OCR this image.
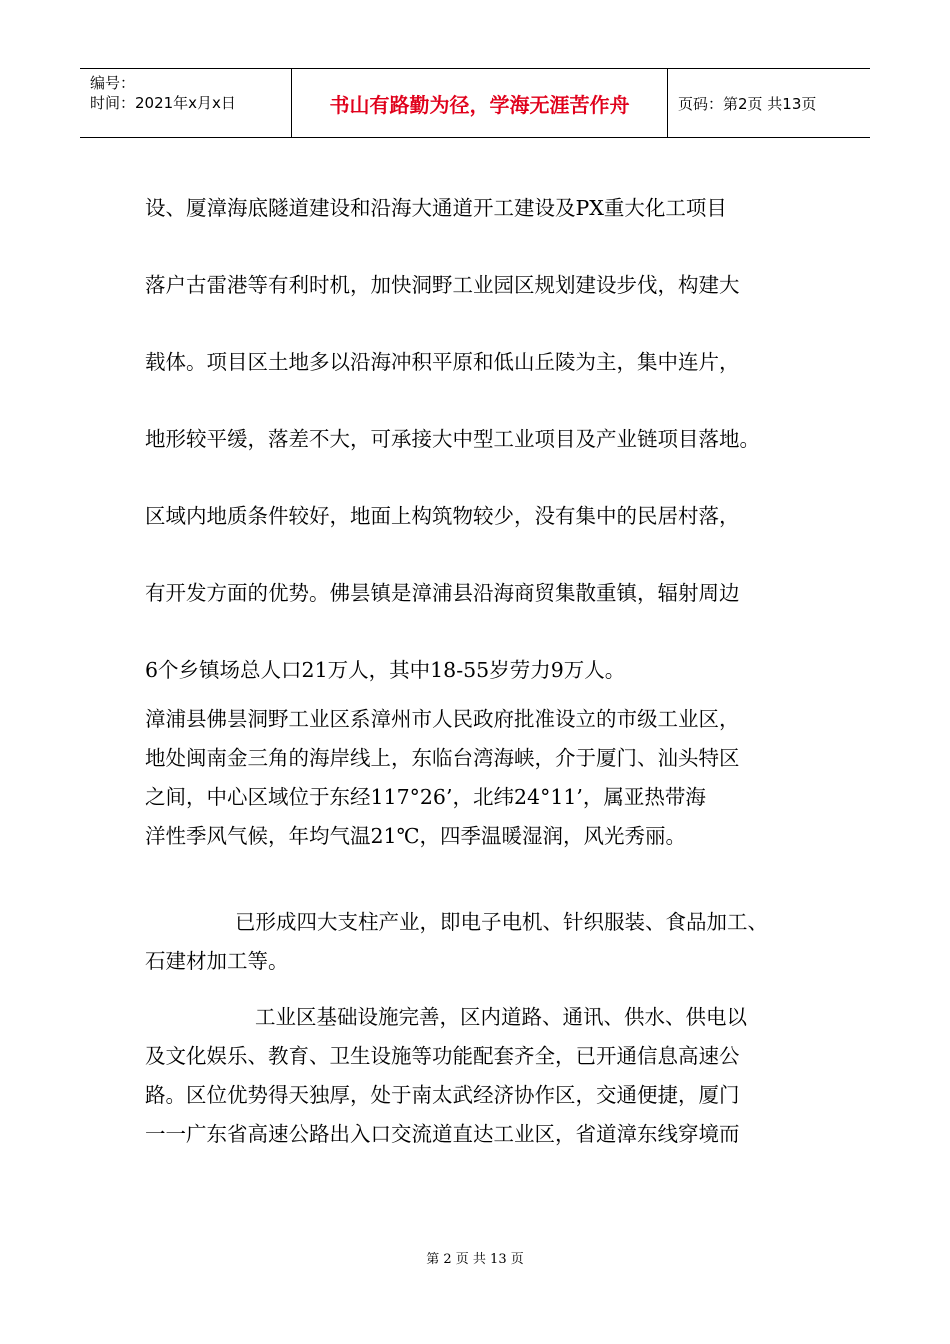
编号：
时间：2021年x月x日	书山有路勤为径，学海无涯苦作舟	页码：第2页 共13页
设、厦漳海底隧道建设和沿海大通道开工建设及PX重大化工项目
落户古雷港等有利时机，加快洞野工业园区规划建设步伐，构建大
载体。项目区土地多以沿海冲积平原和低山丘陵为主，集中连片，
地形较平缓，落差不大，可承接大中型工业项目及产业链项目落地。
区域内地质条件较好，地面上构筑物较少，没有集中的民居村落，
有开发方面的优势。佛昙镇是漳浦县沿海商贸集散重镇，辐射周边
6个乡镇场总人口21万人，其中18-55岁劳力9万人。
漳浦县佛昙洞野工业区系漳州市人民政府批准设立的市级工业区，
地处闽南金三角的海岸线上，东临台湾海峡，介于厦门、汕头特区
之间，中心区域位于东经117°26’，北纬24°11’，属亚热带海
洋性季风气候，年均气温21℃，四季温暖湿润，风光秀丽。
已形成四大支柱产业，即电子电机、针织服装、食品加工、
石建材加工等。
工业区基础设施完善，区内道路、通讯、供水、供电以
及文化娱乐、教育、卫生设施等功能配套齐全，已开通信息高速公
路。区位优势得天独厚，处于南太武经济协作区，交通便捷，厦门
一一广东省高速公路出入口交流道直达工业区，省道漳东线穿境而
第 2 页 共 13 页
